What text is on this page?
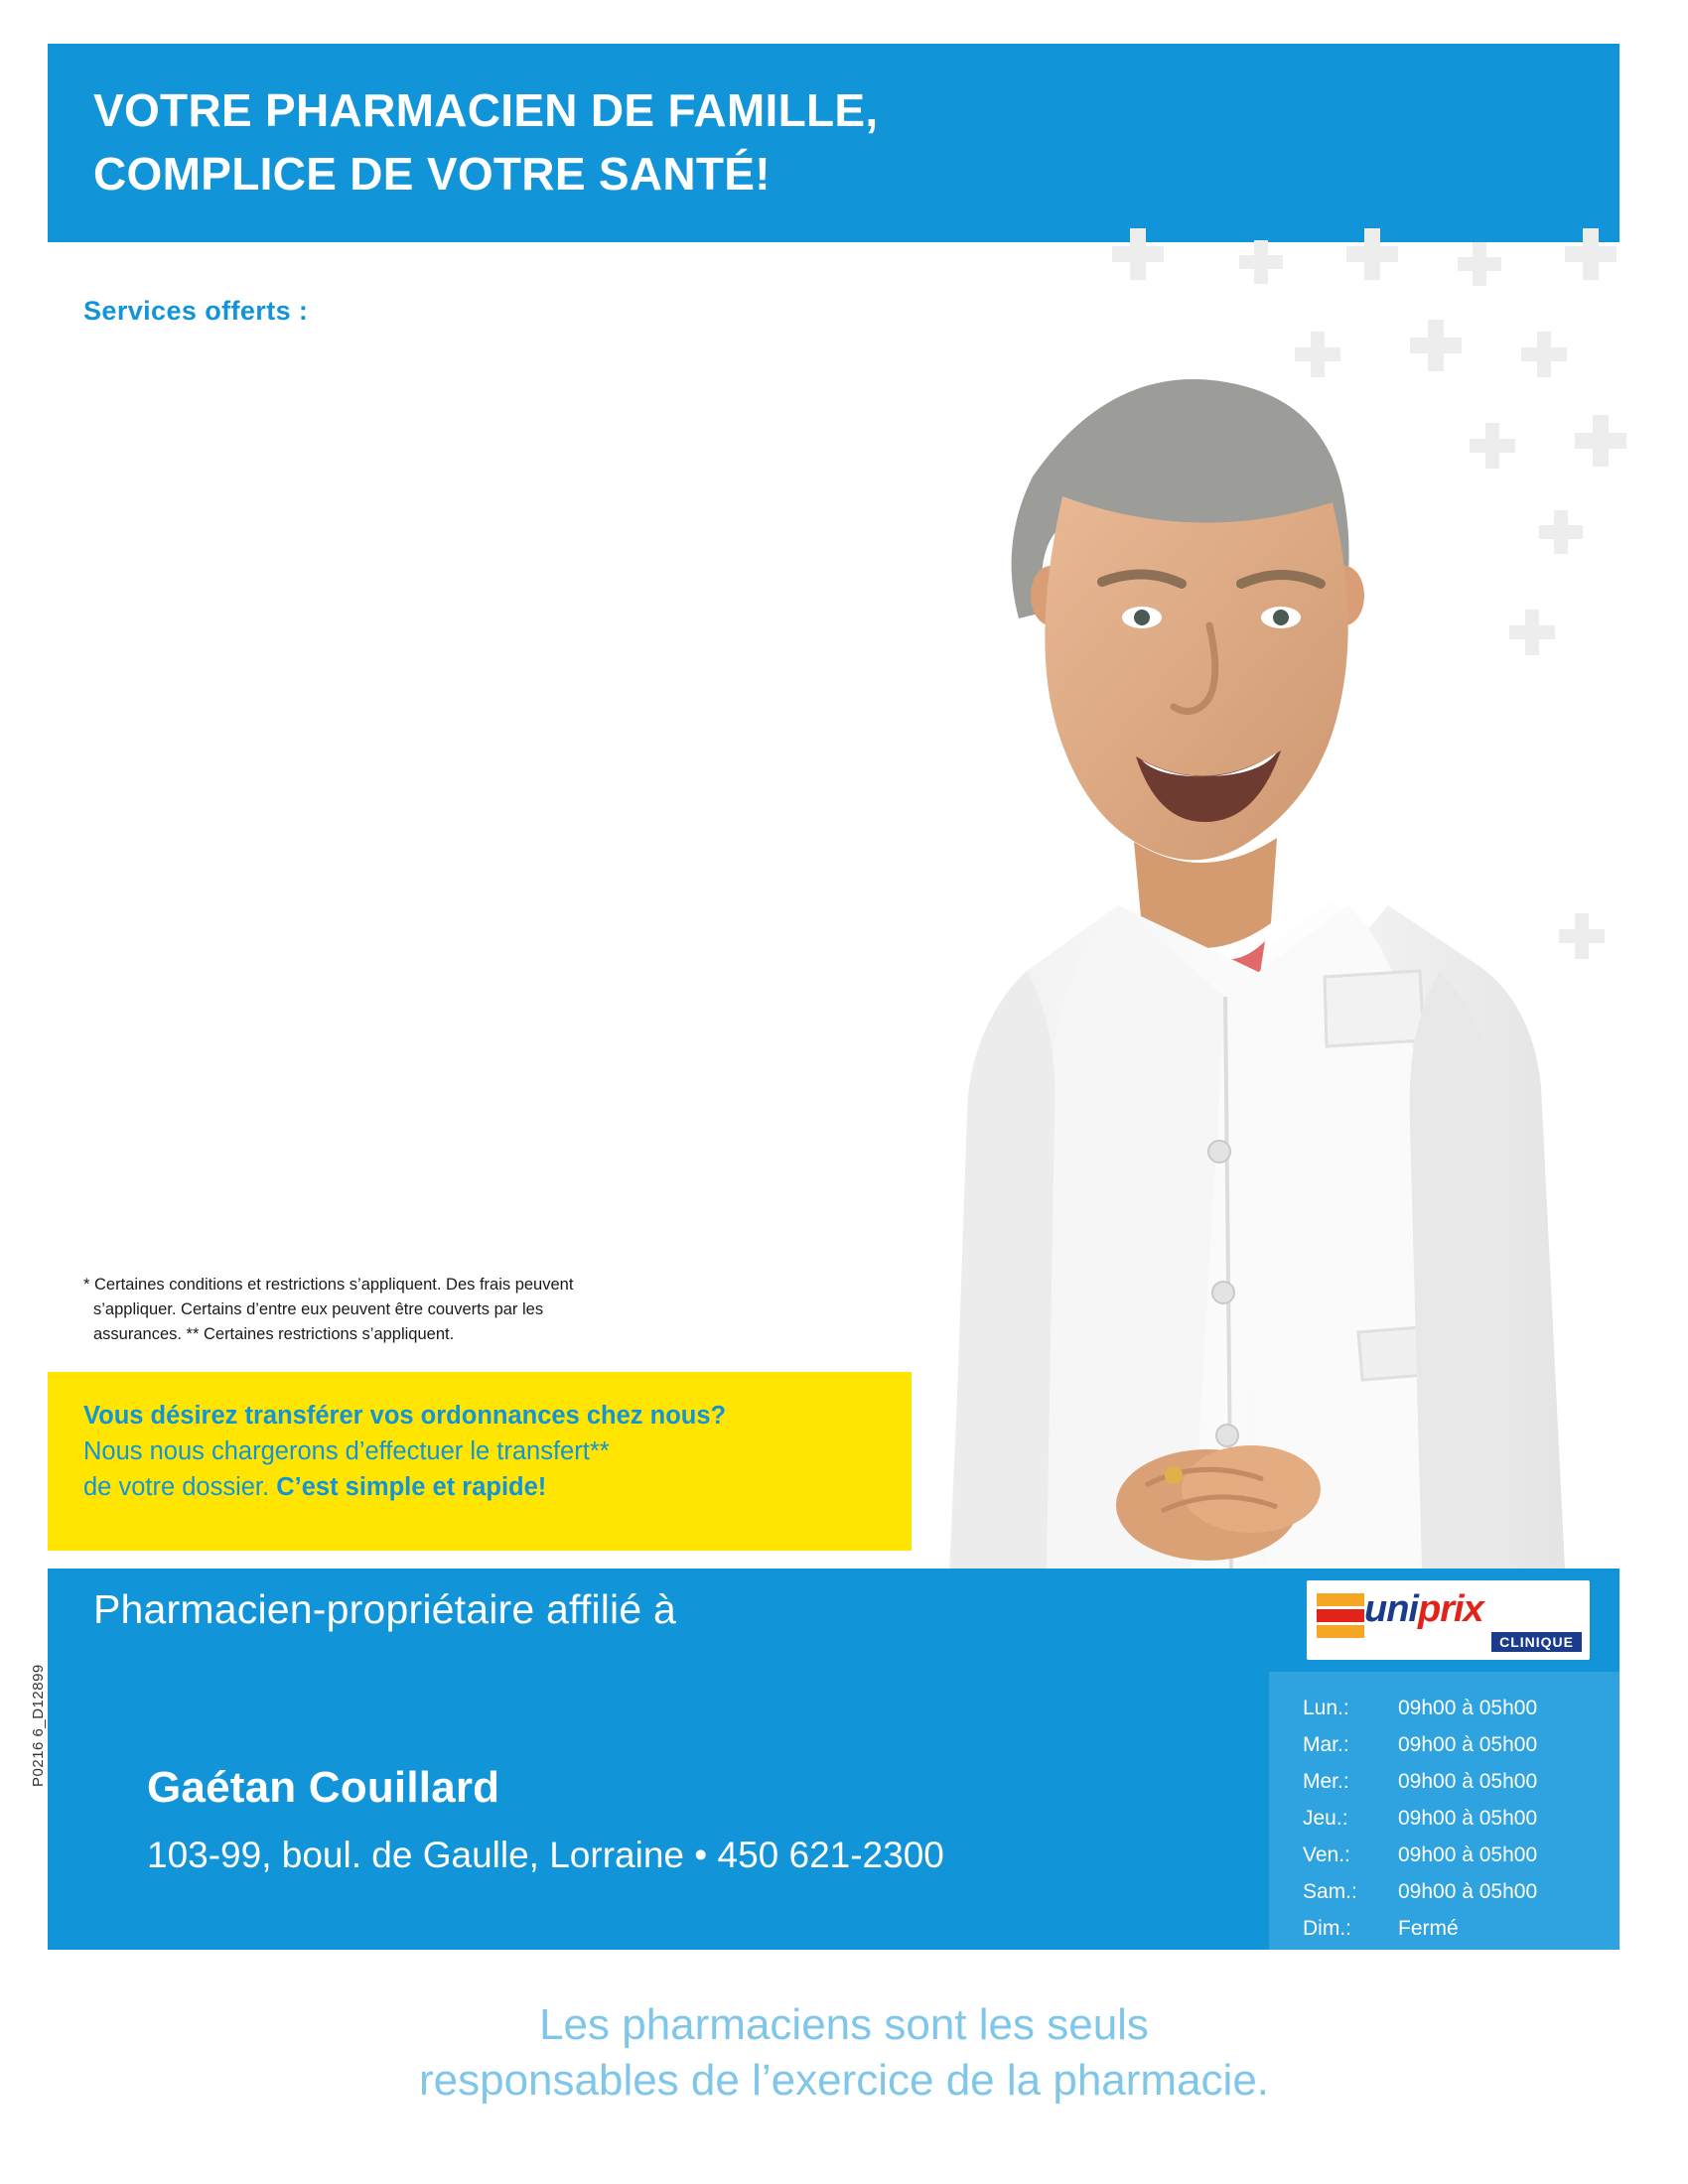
VOTRE PHARMACIEN DE FAMILLE,
COMPLICE DE VOTRE SANTÉ!
Services offerts :
* Certaines conditions et restrictions s’appliquent. Des frais peuvent
s’appliquer. Certains d’entre eux peuvent être couverts par les
assurances. ** Certaines restrictions s’appliquent.
Vous désirez transférer vos ordonnances chez nous?
Nous nous chargerons d’effectuer le transfert**
de votre dossier. C’est simple et rapide!
Pharmacien-propriétaire affilié à	uniprix
CLINIQUE
Gaétan Couillard
103-99, boul. de Gaulle, Lorraine • 450 621-2300
Lun.:	09h00 à 05h00
Mar.:	09h00 à 05h00
Mer.:	09h00 à 05h00
Jeu.:	09h00 à 05h00
Ven.:	09h00 à 05h00
Sam.:	09h00 à 05h00
Dim.:	Fermé
P0216 6_D12899
Les pharmaciens sont les seuls
responsables de l’exercice de la pharmacie.
